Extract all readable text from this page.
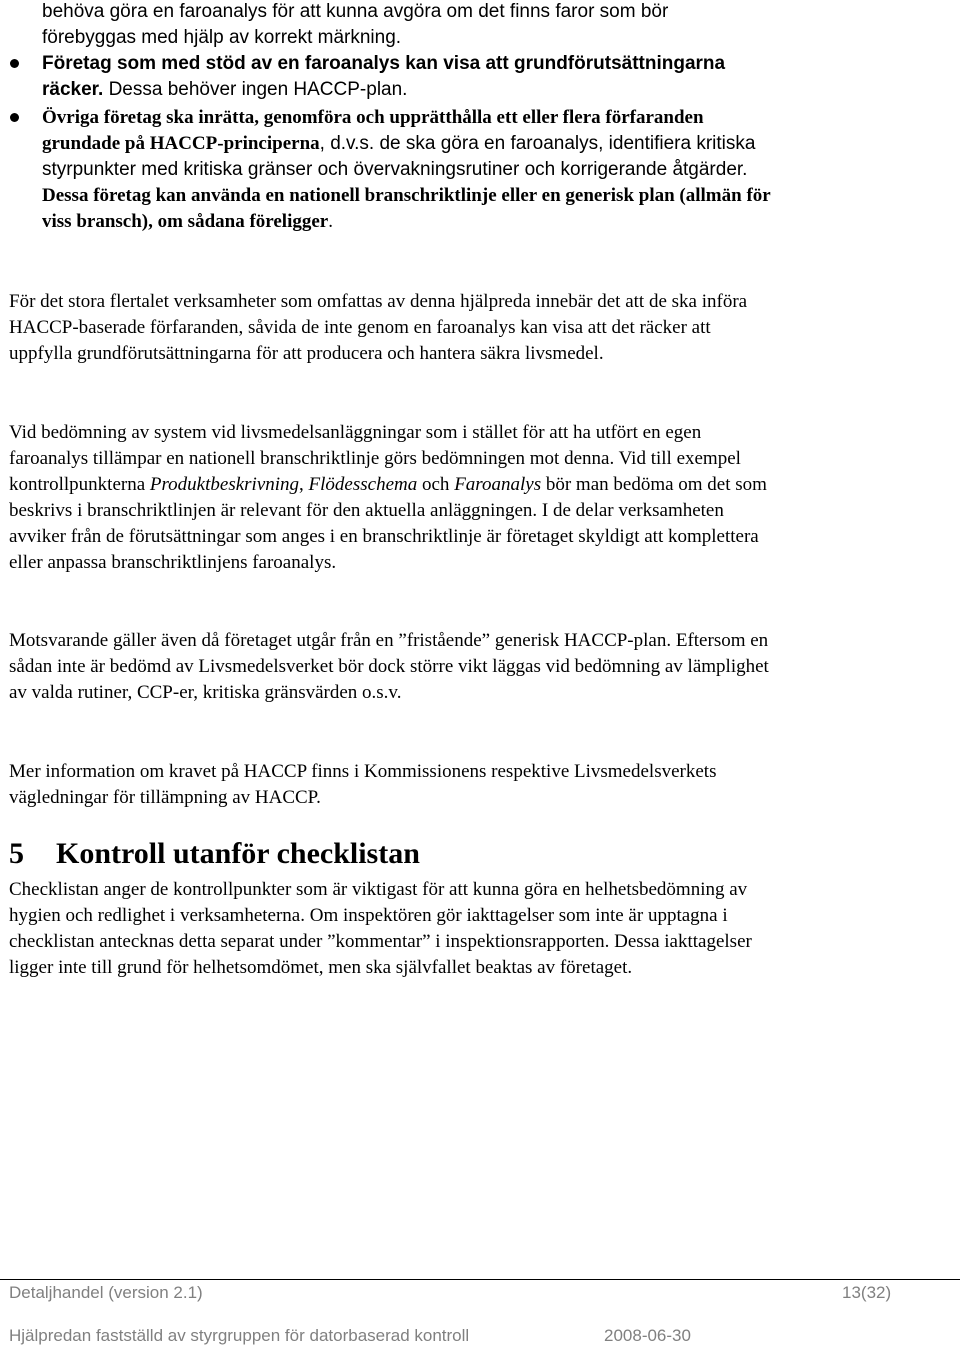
behöva göra en faroanalys för att kunna avgöra om det finns faror som bör
förebyggas med hjälp av korrekt märkning.
Företag som med stöd av en faroanalys kan visa att grundförutsättningarna räcker. Dessa behöver ingen HACCP-plan.
Övriga företag ska inrätta, genomföra och upprätthålla ett eller flera förfaranden grundade på HACCP-principerna, d.v.s. de ska göra en faroanalys, identifiera kritiska styrpunkter med kritiska gränser och övervakningsrutiner och korrigerande åtgärder. Dessa företag kan använda en nationell branschriktlinje eller en generisk plan (allmän för viss bransch), om sådana föreligger.
För det stora flertalet verksamheter som omfattas av denna hjälpreda innebär det att de ska införa HACCP-baserade förfaranden, såvida de inte genom en faroanalys kan visa att det räcker att uppfylla grundförutsättningarna för att producera och hantera säkra livsmedel.
Vid bedömning av system vid livsmedelsanläggningar som i stället för att ha utfört en egen faroanalys tillämpar en nationell branschriktlinje görs bedömningen mot denna. Vid till exempel kontrollpunkterna Produktbeskrivning, Flödesschema och Faroanalys bör man bedöma om det som beskrivs i branschriktlinjen är relevant för den aktuella anläggningen. I de delar verksamheten avviker från de förutsättningar som anges i en branschriktlinje är företaget skyldigt att komplettera eller anpassa branschriktlinjens faroanalys.
Motsvarande gäller även då företaget utgår från en ”fristående” generisk HACCP-plan. Eftersom en sådan inte är bedömd av Livsmedelsverket bör dock större vikt läggas vid bedömning av lämplighet av valda rutiner, CCP-er, kritiska gränsvärden o.s.v.
Mer information om kravet på HACCP finns i Kommissionens respektive Livsmedelsverkets vägledningar för tillämpning av HACCP.
5 Kontroll utanför checklistan
Checklistan anger de kontrollpunkter som är viktigast för att kunna göra en helhetsbedömning av hygien och redlighet i verksamheterna. Om inspektören gör iakttagelser som inte är upptagna i checklistan antecknas detta separat under ”kommentar” i inspektionsrapporten. Dessa iakttagelser ligger inte till grund för helhetsomdömet, men ska självfallet beaktas av företaget.
Detaljhandel (version 2.1)	13(32)
Hjälpredan fastställd av styrgruppen för datorbaserad kontroll	2008-06-30
